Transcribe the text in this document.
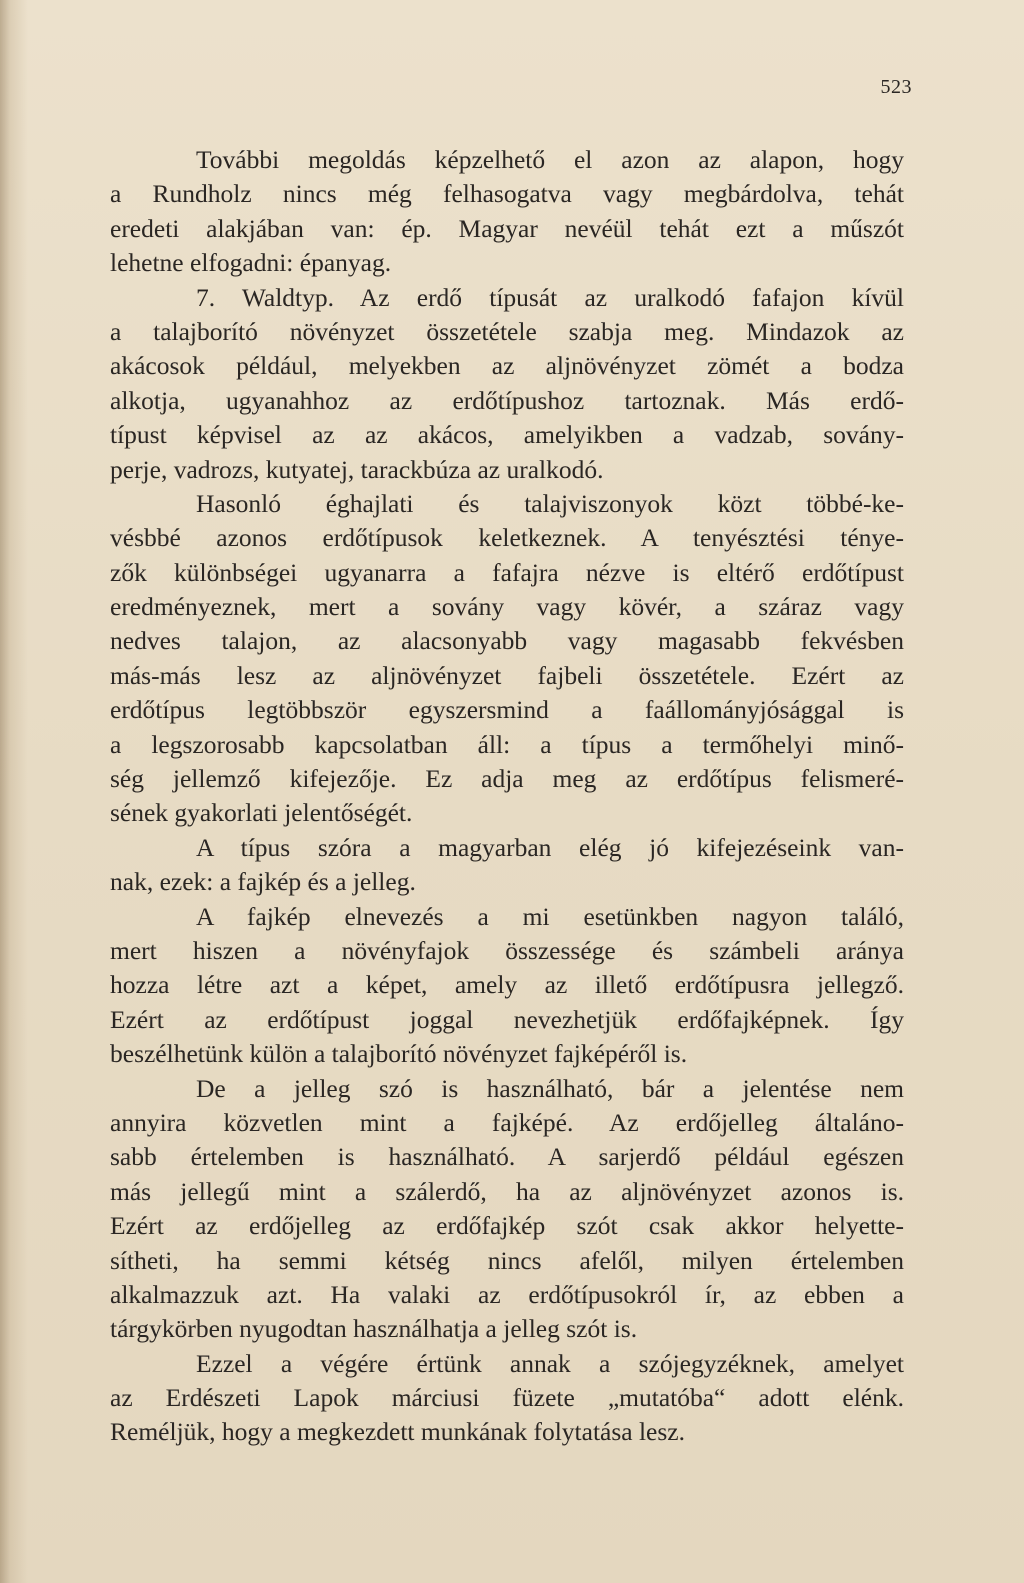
523
További megoldás képzelhető el azon az alapon, hogy
a Rundholz nincs még felhasogatva vagy megbárdolva, tehát
eredeti alakjában van: ép. Magyar nevéül tehát ezt a műszót
lehetne elfogadni: épanyag.
7. Waldtyp. Az erdő típusát az uralkodó fafajon kívül
a talajborító növényzet összetétele szabja meg. Mindazok az
akácosok például, melyekben az aljnövényzet zömét a bodza
alkotja, ugyanahhoz az erdőtípushoz tartoznak. Más erdő-
típust képvisel az az akácos, amelyikben a vadzab, sovány-
perje, vadrozs, kutyatej, tarackbúza az uralkodó.
Hasonló éghajlati és talajviszonyok közt többé-ke-
vésbbé azonos erdőtípusok keletkeznek. A tenyésztési ténye-
zők különbségei ugyanarra a fafajra nézve is eltérő erdőtípust
eredményeznek, mert a sovány vagy kövér, a száraz vagy
nedves talajon, az alacsonyabb vagy magasabb fekvésben
más-más lesz az aljnövényzet fajbeli összetétele. Ezért az
erdőtípus legtöbbször egyszersmind a faállományjósággal is
a legszorosabb kapcsolatban áll: a típus a termőhelyi minő-
ség jellemző kifejezője. Ez adja meg az erdőtípus felismeré-
sének gyakorlati jelentőségét.
A típus szóra a magyarban elég jó kifejezéseink van-
nak, ezek: a fajkép és a jelleg.
A fajkép elnevezés a mi esetünkben nagyon találó,
mert hiszen a növényfajok összessége és számbeli aránya
hozza létre azt a képet, amely az illető erdőtípusra jellegző.
Ezért az erdőtípust joggal nevezhetjük erdőfajképnek. Így
beszélhetünk külön a talajborító növényzet fajképéről is.
De a jelleg szó is használható, bár a jelentése nem
annyira közvetlen mint a fajképé. Az erdőjelleg általáno-
sabb értelemben is használható. A sarjerdő például egészen
más jellegű mint a szálerdő, ha az aljnövényzet azonos is.
Ezért az erdőjelleg az erdőfajkép szót csak akkor helyette-
sítheti, ha semmi kétség nincs afelől, milyen értelemben
alkalmazzuk azt. Ha valaki az erdőtípusokról ír, az ebben a
tárgykörben nyugodtan használhatja a jelleg szót is.
Ezzel a végére értünk annak a szójegyzéknek, amelyet
az Erdészeti Lapok márciusi füzete „mutatóba“ adott elénk.
Reméljük, hogy a megkezdett munkának folytatása lesz.
